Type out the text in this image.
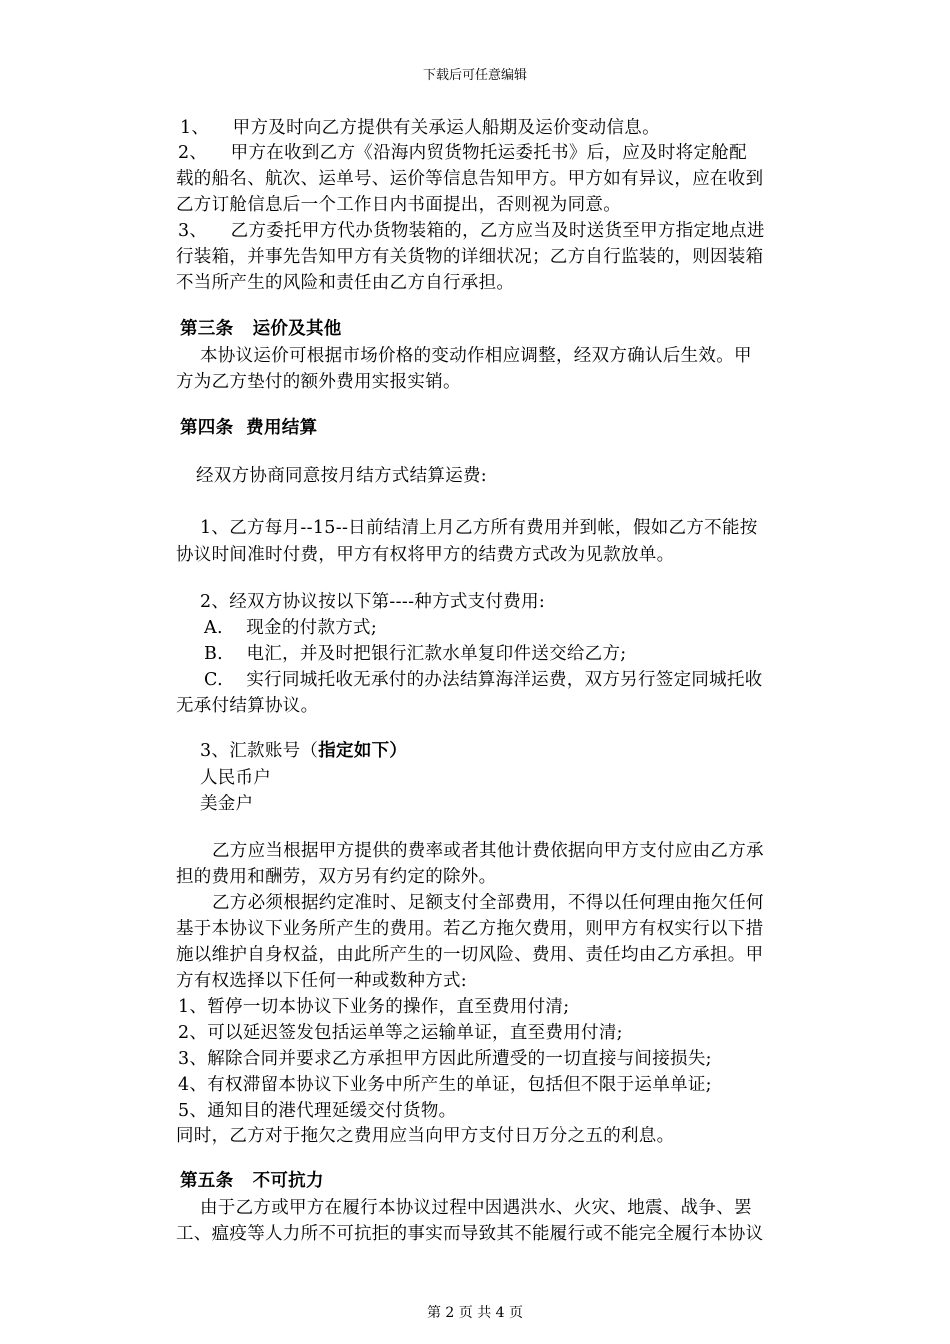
下载后可任意编辑
1、    甲方及时向乙方提供有关承运人船期及运价变动信息。
2、    甲方在收到乙方《沿海内贸货物托运委托书》后，应及时将定舱配
载的船名、航次、运单号、运价等信息告知甲方。甲方如有异议，应在收到
乙方订舱信息后一个工作日内书面提出，否则视为同意。
3、    乙方委托甲方代办货物装箱的，乙方应当及时送货至甲方指定地点进
行装箱，并事先告知甲方有关货物的详细状况；乙方自行监装的，则因装箱
不当所产生的风险和责任由乙方自行承担。
第三条   运价及其他
本协议运价可根据市场价格的变动作相应调整，经双方确认后生效。甲
方为乙方垫付的额外费用实报实销。
第四条  费用结算
经双方协商同意按月结方式结算运费:
1、乙方每月--15--日前结清上月乙方所有费用并到帐，假如乙方不能按
协议时间准时付费，甲方有权将甲方的结费方式改为见款放单。
2、经双方协议按以下第----种方式支付费用:
A.    现金的付款方式;
B.    电汇，并及时把银行汇款水单复印件送交给乙方;
C.    实行同城托收无承付的办法结算海洋运费，双方另行签定同城托收
无承付结算协议。
3、汇款账号（指定如下）
人民币户
美金户
乙方应当根据甲方提供的费率或者其他计费依据向甲方支付应由乙方承
担的费用和酬劳，双方另有约定的除外。
乙方必须根据约定准时、足额支付全部费用，不得以任何理由拖欠任何
基于本协议下业务所产生的费用。若乙方拖欠费用，则甲方有权实行以下措
施以维护自身权益，由此所产生的一切风险、费用、责任均由乙方承担。甲
方有权选择以下任何一种或数种方式:
1、暂停一切本协议下业务的操作，直至费用付清;
2、可以延迟签发包括运单等之运输单证，直至费用付清;
3、解除合同并要求乙方承担甲方因此所遭受的一切直接与间接损失;
4、有权滞留本协议下业务中所产生的单证，包括但不限于运单单证;
5、通知目的港代理延缓交付货物。
同时，乙方对于拖欠之费用应当向甲方支付日万分之五的利息。
第五条   不可抗力
由于乙方或甲方在履行本协议过程中因遇洪水、火灾、地震、战争、罢
工、瘟疫等人力所不可抗拒的事实而导致其不能履行或不能完全履行本协议
第 2 页 共 4 页
